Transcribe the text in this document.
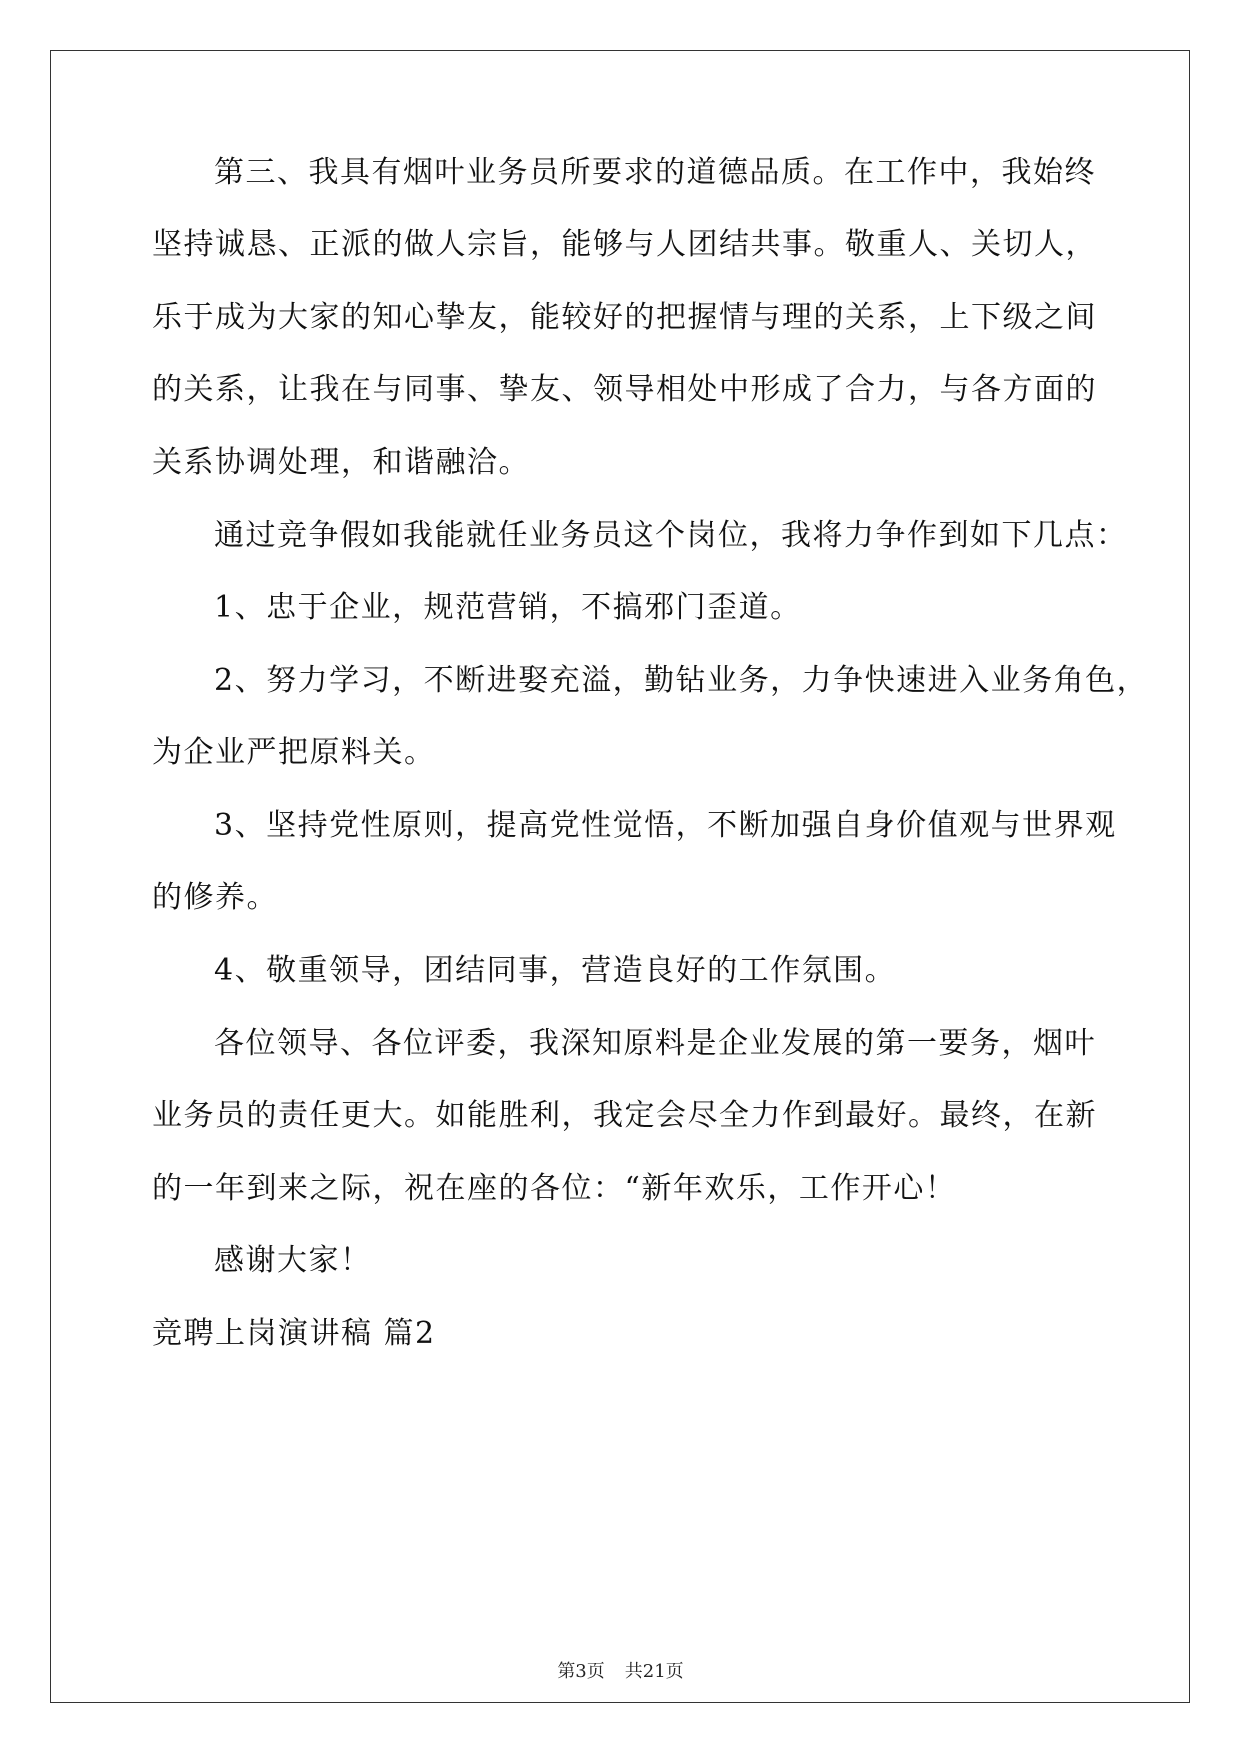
第三、我具有烟叶业务员所要求的道德品质。在工作中，我始终
坚持诚恳、正派的做人宗旨，能够与人团结共事。敬重人、关切人，
乐于成为大家的知心挚友，能较好的把握情与理的关系，上下级之间
的关系，让我在与同事、挚友、领导相处中形成了合力，与各方面的
关系协调处理，和谐融洽。
通过竞争假如我能就任业务员这个岗位，我将力争作到如下几点：
1、忠于企业，规范营销，不搞邪门歪道。
2、努力学习，不断进娶充溢，勤钻业务，力争快速进入业务角色，
为企业严把原料关。
3、坚持党性原则，提高党性觉悟，不断加强自身价值观与世界观
的修养。
4、敬重领导，团结同事，营造良好的工作氛围。
各位领导、各位评委，我深知原料是企业发展的第一要务，烟叶
业务员的责任更大。如能胜利，我定会尽全力作到最好。最终，在新
的一年到来之际，祝在座的各位：“新年欢乐，工作开心！
感谢大家！
竞聘上岗演讲稿 篇2
第3页 共21页
